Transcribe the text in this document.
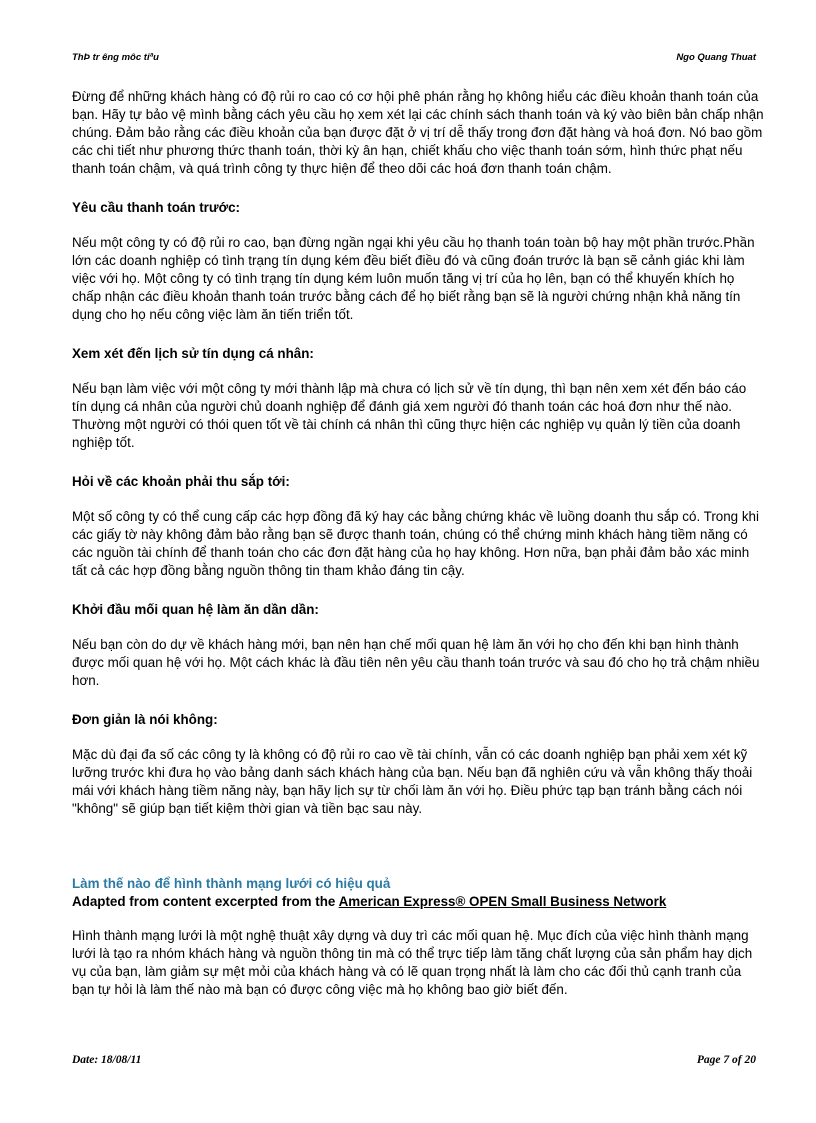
ThÞ tr êng môc tiªu	Ngo Quang Thuat

Đừng để những khách hàng có độ rủi ro cao có cơ hội phê phán rằng họ không hiểu các điều khoản thanh toán của bạn. Hãy tự bảo vệ mình bằng cách yêu cầu họ xem xét lại các chính sách thanh toán và ký vào biên bản chấp nhận chúng. Đảm bảo rằng các điều khoản của bạn được đặt ở vị trí dễ thấy trong đơn đặt hàng và hoá đơn. Nó bao gồm các chi tiết như phương thức thanh toán, thời kỳ ân hạn, chiết khấu cho việc thanh toán sớm, hình thức phạt nếu thanh toán chậm, và quá trình công ty thực hiện để theo dõi các hoá đơn thanh toán chậm.

Yêu cầu thanh toán trước:

Nếu một công ty có độ rủi ro cao, bạn đừng ngần ngại khi yêu cầu họ thanh toán toàn bộ hay một phần trước.Phần lớn các doanh nghiệp có tình trạng tín dụng kém đều biết điều đó và cũng đoán trước là bạn sẽ cảnh giác khi làm việc với họ. Một công ty có tình trạng tín dụng kém luôn muốn tăng vị trí của họ lên, bạn có thể khuyến khích họ chấp nhận các điều khoản thanh toán trước bằng cách để họ biết rằng bạn sẽ là người chứng nhận khả năng tín dụng cho họ nếu công việc làm ăn tiến triển tốt.

Xem xét đến lịch sử tín dụng cá nhân:

Nếu bạn làm việc với một công ty mới thành lập mà chưa có lịch sử về tín dụng, thì bạn nên xem xét đến báo cáo tín dụng cá nhân của người chủ doanh nghiệp để đánh giá xem người đó thanh toán các hoá đơn như thế nào. Thường một người có thói quen tốt về tài chính cá nhân thì cũng thực hiện các nghiệp vụ quản lý tiền của doanh nghiệp tốt.

Hỏi về các khoản phải thu sắp tới:

Một số công ty có thể cung cấp các hợp đồng đã ký hay các bằng chứng khác về luồng doanh thu sắp có. Trong khi các giấy tờ này không đảm bảo rằng bạn sẽ được thanh toán, chúng có thể chứng minh khách hàng tiềm năng có các nguồn tài chính để thanh toán cho các đơn đặt hàng của họ hay không. Hơn nữa, bạn phải đảm bảo xác minh tất cả các hợp đồng bằng nguồn thông tin tham khảo đáng tin cậy.

Khởi đầu mối quan hệ làm ăn dần dần:

Nếu bạn còn do dự về khách hàng mới, bạn nên hạn chế mối quan hệ làm ăn với họ cho đến khi bạn hình thành được mối quan hệ với họ. Một cách khác là đầu tiên nên yêu cầu thanh toán trước và sau đó cho họ trả chậm nhiều hơn.

Đơn giản là nói không:

Mặc dù đại đa số các công ty là không có độ rủi ro cao về tài chính, vẫn có các doanh nghiệp bạn phải xem xét kỹ lưỡng trước khi đưa họ vào bảng danh sách khách hàng của bạn. Nếu bạn đã nghiên cứu và vẫn không thấy thoải mái với khách hàng tiềm năng này, bạn hãy lịch sự từ chối làm ăn với họ. Điều phức tạp bạn tránh bằng cách nói "không" sẽ giúp bạn tiết kiệm thời gian và tiền bạc sau này.

Làm thế nào để hình thành mạng lưới có hiệu quả
Adapted from content excerpted from the American Express® OPEN Small Business Network

Hình thành mạng lưới là một nghệ thuật xây dựng và duy trì các mối quan hệ. Mục đích của việc hình thành mạng lưới là tạo ra nhóm khách hàng và nguồn thông tin mà có thể trực tiếp làm tăng chất lượng của sản phẩm hay dịch vụ của bạn, làm giảm sự mệt mỏi của khách hàng và có lẽ quan trọng nhất là làm cho các đối thủ cạnh tranh của bạn tự hỏi là làm thế nào mà bạn có được công việc mà họ không bao giờ biết đến.

Date: 18/08/11	Page 7 of 20
